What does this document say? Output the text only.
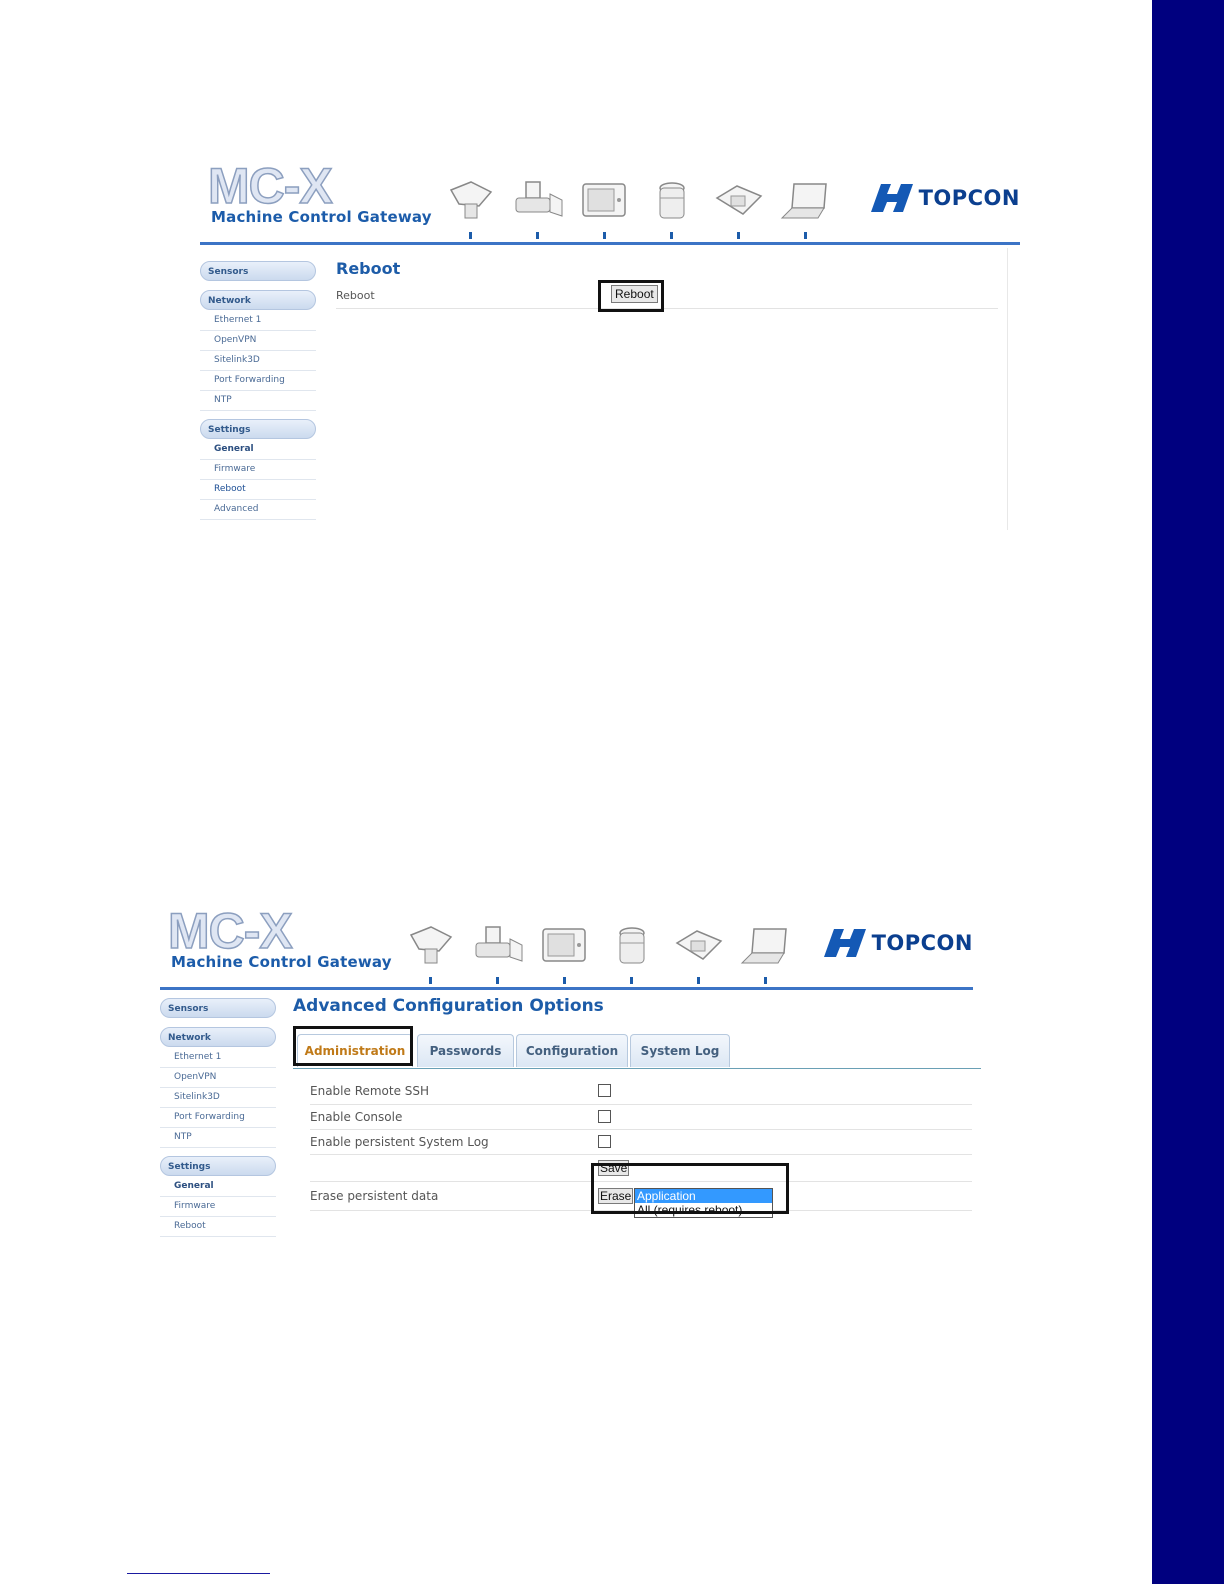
MC-X
Machine Control Gateway
TOPCON
Sensors
Network
Ethernet 1
OpenVPN
Sitelink3D
Port Forwarding
NTP
Settings
General
Firmware
Reboot
Advanced
Reboot
Reboot	Reboot
MC-X
Machine Control Gateway
TOPCON
Sensors
Network
Ethernet 1
OpenVPN
Sitelink3D
Port Forwarding
NTP
Settings
General
Firmware
Reboot
Advanced Configuration Options
Administration	Passwords	Configuration	System Log
Enable Remote SSH
Enable Console
Enable persistent System Log
Save
Erase persistent data	Erase Application
All (requires reboot)
